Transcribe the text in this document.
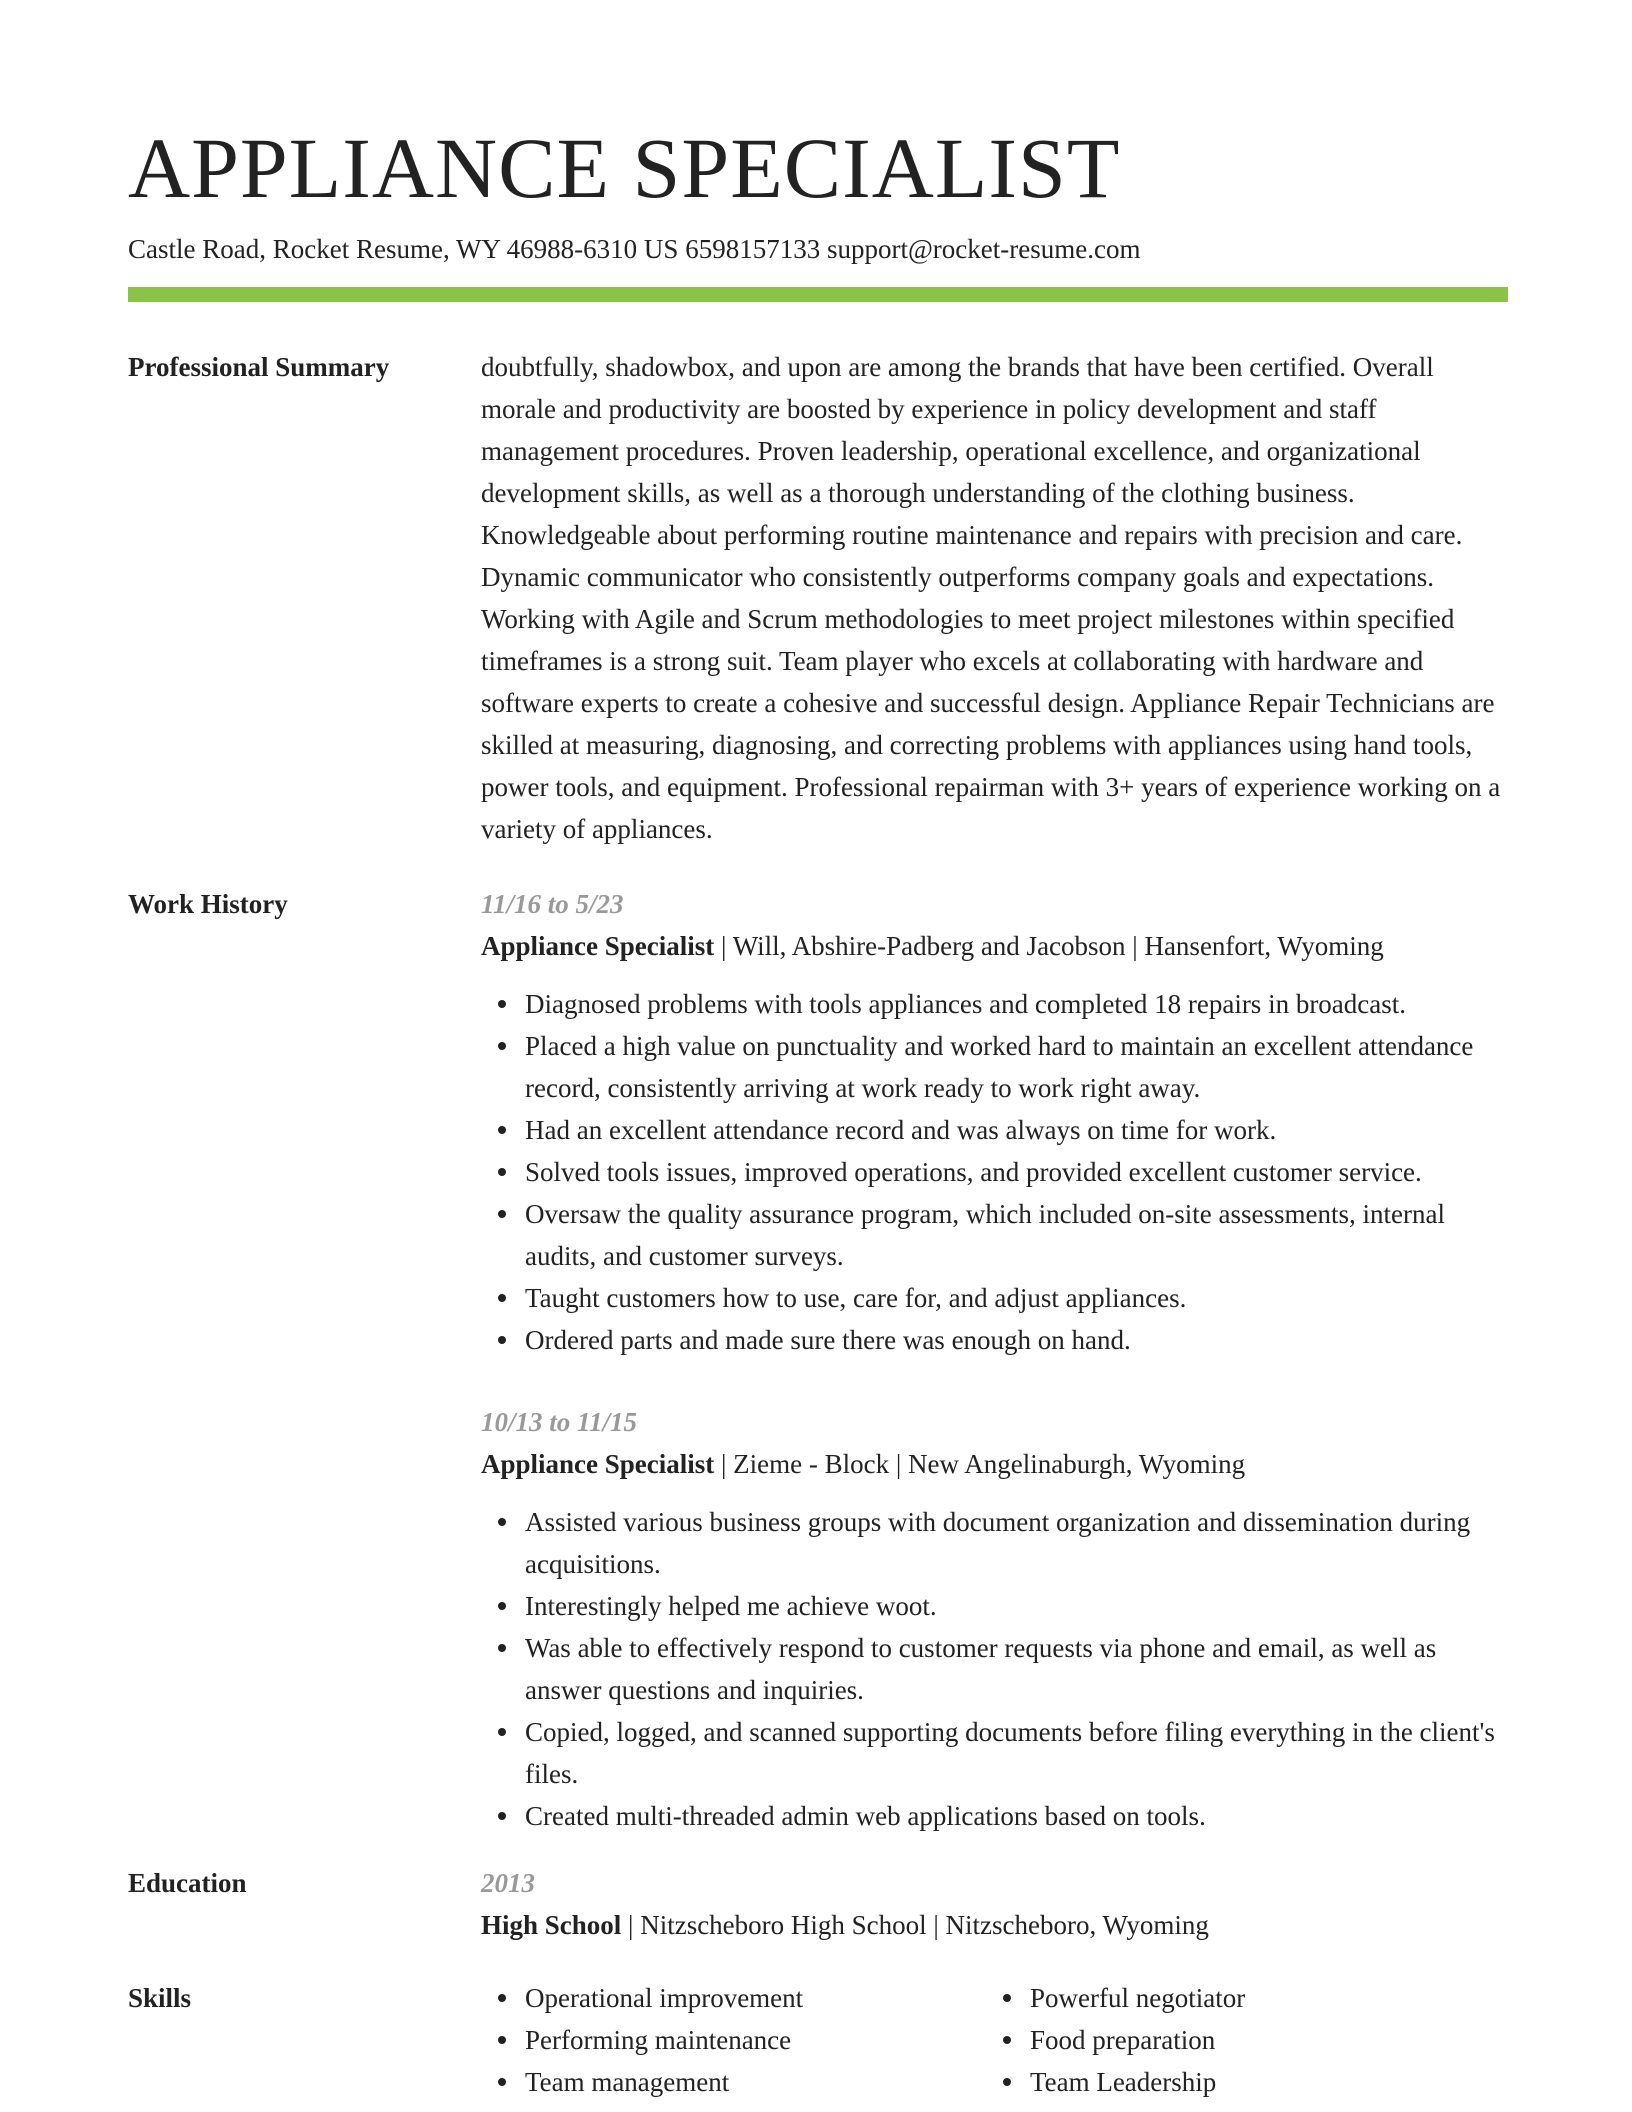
APPLIANCE SPECIALIST
Castle Road, Rocket Resume, WY 46988-6310 US 6598157133 support@rocket-resume.com
Professional Summary	doubtfully, shadowbox, and upon are among the brands that have been certified. Overall morale and productivity are boosted by experience in policy development and staff management procedures. Proven leadership, operational excellence, and organizational development skills, as well as a thorough understanding of the clothing business. Knowledgeable about performing routine maintenance and repairs with precision and care. Dynamic communicator who consistently outperforms company goals and expectations. Working with Agile and Scrum methodologies to meet project milestones within specified timeframes is a strong suit. Team player who excels at collaborating with hardware and software experts to create a cohesive and successful design. Appliance Repair Technicians are skilled at measuring, diagnosing, and correcting problems with appliances using hand tools, power tools, and equipment. Professional repairman with 3+ years of experience working on a variety of appliances.

Work History	11/16 to 5/23
Appliance Specialist | Will, Abshire-Padberg and Jacobson | Hansenfort, Wyoming
Diagnosed problems with tools appliances and completed 18 repairs in broadcast.
Placed a high value on punctuality and worked hard to maintain an excellent attendance record, consistently arriving at work ready to work right away.
Had an excellent attendance record and was always on time for work.
Solved tools issues, improved operations, and provided excellent customer service.
Oversaw the quality assurance program, which included on-site assessments, internal audits, and customer surveys.
Taught customers how to use, care for, and adjust appliances.
Ordered parts and made sure there was enough on hand.
10/13 to 11/15
Appliance Specialist | Zieme - Block | New Angelinaburgh, Wyoming
Assisted various business groups with document organization and dissemination during acquisitions.
Interestingly helped me achieve woot.
Was able to effectively respond to customer requests via phone and email, as well as answer questions and inquiries.
Copied, logged, and scanned supporting documents before filing everything in the client's files.
Created multi-threaded admin web applications based on tools.
Education	2013
High School | Nitzscheboro High School | Nitzscheboro, Wyoming
Skills	Operational improvement
Performing maintenance
Team management
Powerful negotiator
Food preparation
Team Leadership
